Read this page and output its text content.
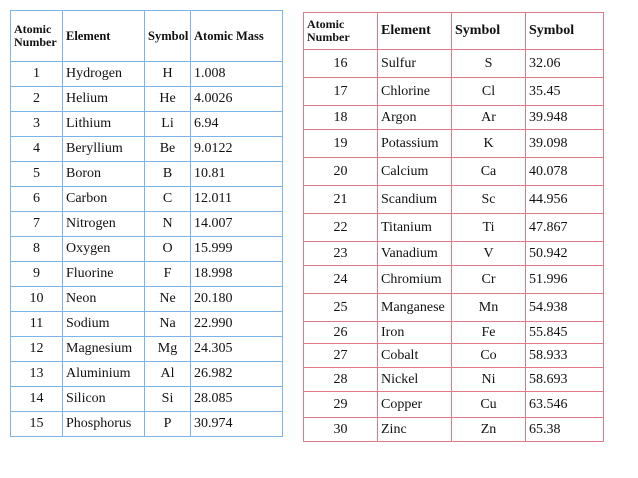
Atomic
Number	Element	Symbol	Atomic Mass
1	Hydrogen	H	1.008
2	Helium	He	4.0026
3	Lithium	Li	6.94
4	Beryllium	Be	9.0122
5	Boron	B	10.81
6	Carbon	C	12.011
7	Nitrogen	N	14.007
8	Oxygen	O	15.999
9	Fluorine	F	18.998
10	Neon	Ne	20.180
11	Sodium	Na	22.990
12	Magnesium	Mg	24.305
13	Aluminium	Al	26.982
14	Silicon	Si	28.085
15	Phosphorus	P	30.974
Atomic
Number	Element	Symbol	Symbol
16	Sulfur	S	32.06
17	Chlorine	Cl	35.45
18	Argon	Ar	39.948
19	Potassium	K	39.098
20	Calcium	Ca	40.078
21	Scandium	Sc	44.956
22	Titanium	Ti	47.867
23	Vanadium	V	50.942
24	Chromium	Cr	51.996
25	Manganese	Mn	54.938
26	Iron	Fe	55.845
27	Cobalt	Co	58.933
28	Nickel	Ni	58.693
29	Copper	Cu	63.546
30	Zinc	Zn	65.38
